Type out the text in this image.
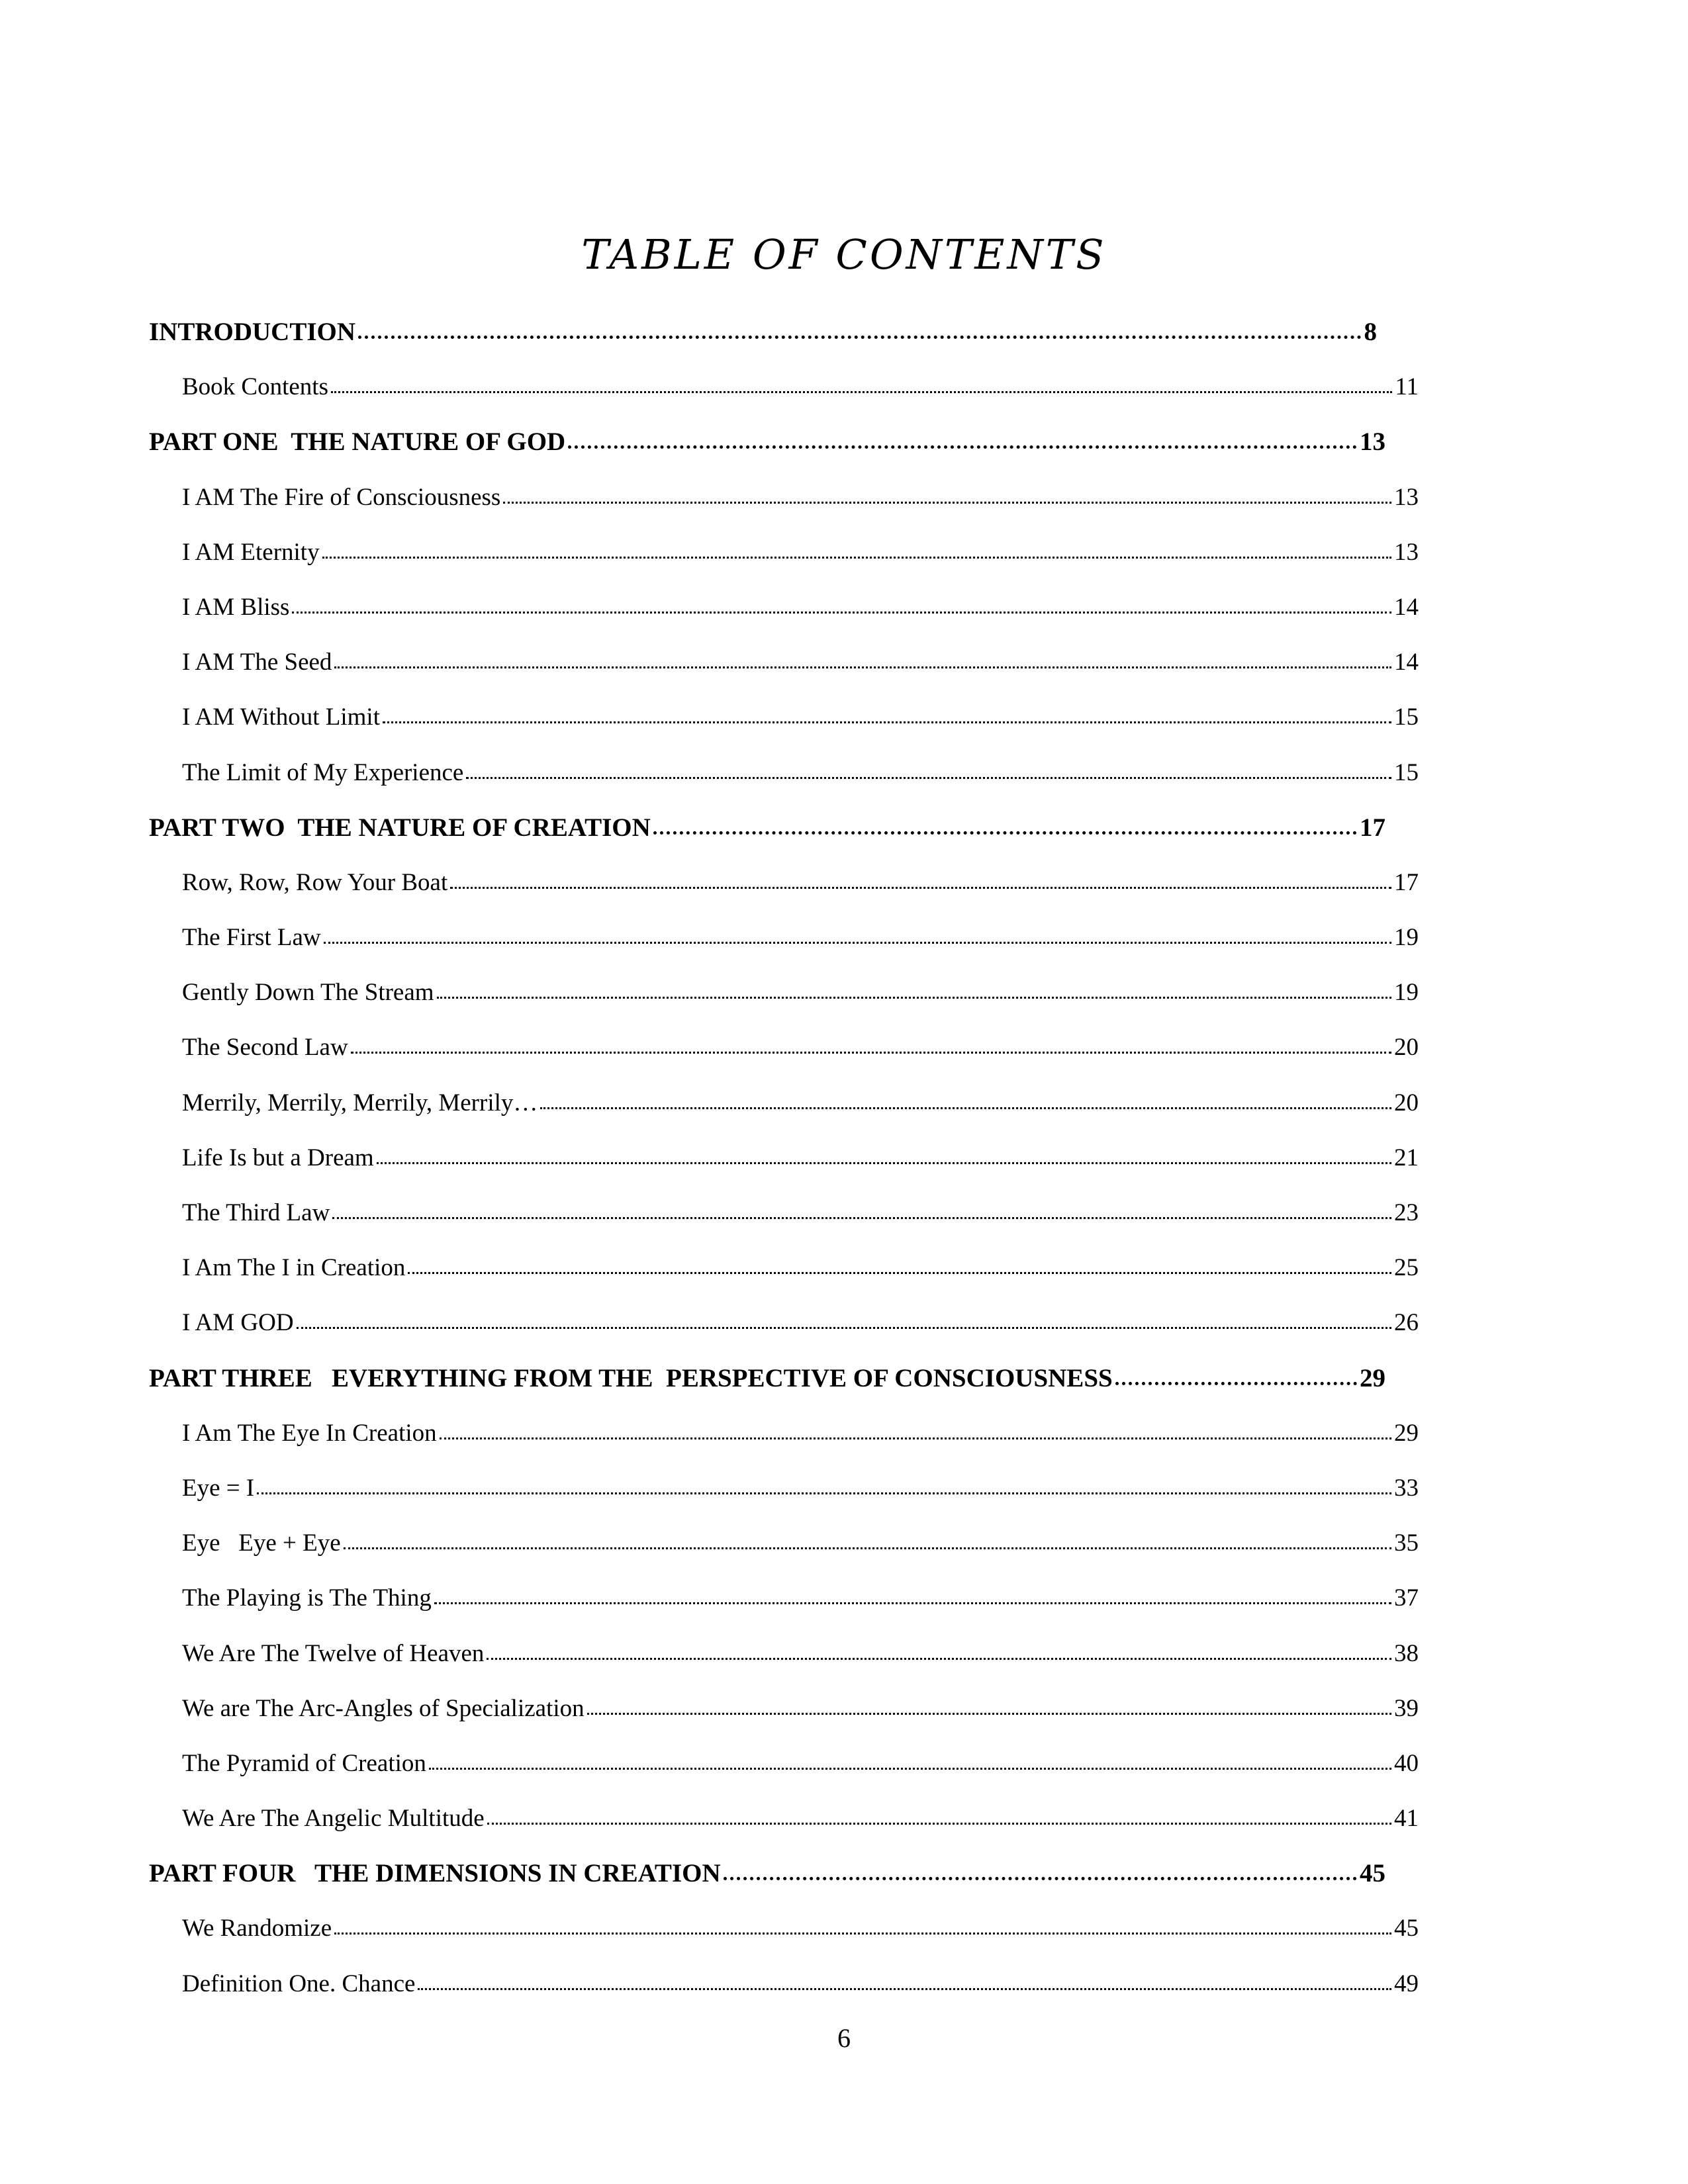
TABLE OF CONTENTS
INTRODUCTION	8
Book Contents	11
PART ONE  THE NATURE OF GOD	13
I AM The Fire of Consciousness	13
I AM Eternity	13
I AM Bliss	14
I AM The Seed	14
I AM Without Limit	15
The Limit of My Experience	15
PART TWO  THE NATURE OF CREATION	17
Row, Row, Row Your Boat	17
The First Law	19
Gently Down The Stream	19
The Second Law	20
Merrily, Merrily, Merrily, Merrily…	20
Life Is but a Dream	21
The Third Law	23
I Am The I in Creation	25
I AM GOD	26
PART THREE   EVERYTHING FROM THE  PERSPECTIVE OF CONSCIOUSNESS	29
I Am The Eye In Creation	29
Eye = I	33
Eye   Eye + Eye	35
The Playing is The Thing	37
We Are The Twelve of Heaven	38
We are The Arc-Angles of Specialization	39
The Pyramid of Creation	40
We Are The Angelic Multitude	41
PART FOUR   THE DIMENSIONS IN CREATION	45
We Randomize	45
Definition One. Chance	49
6
